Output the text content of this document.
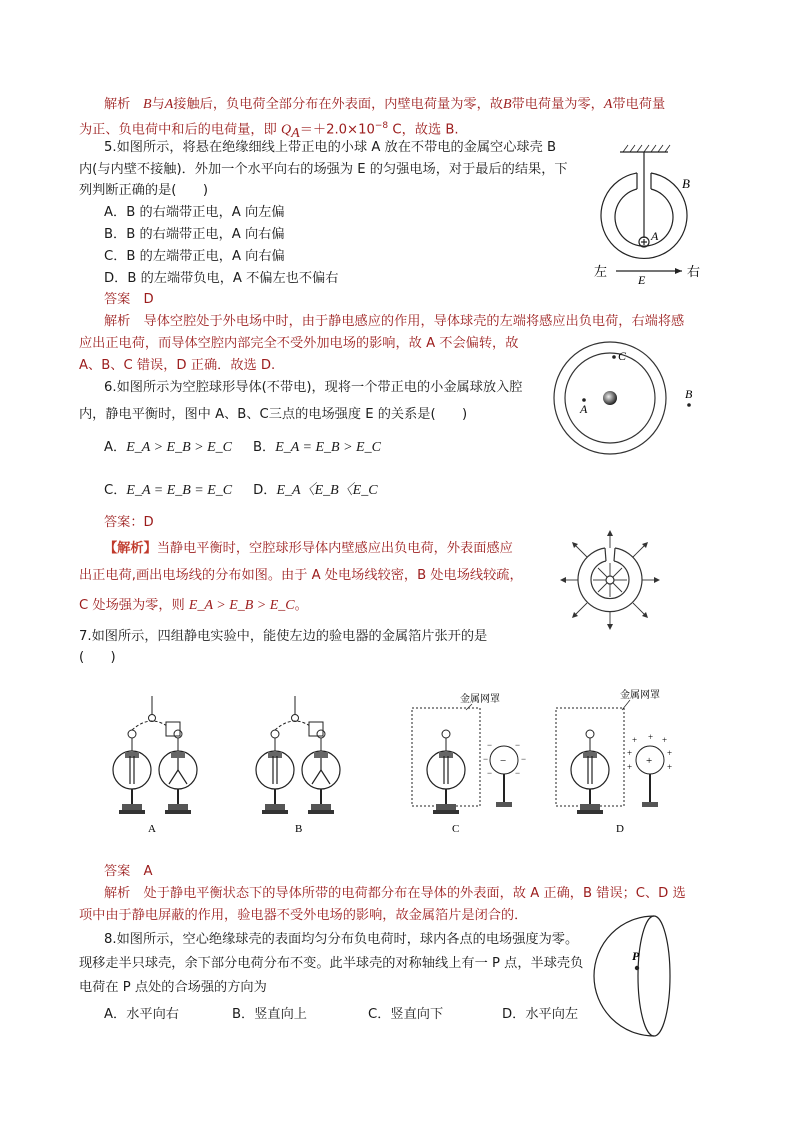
解析 B与A接触后，负电荷全部分布在外表面，内壁电荷量为零，故B带电荷量为零，A带电荷量
为正、负电荷中和后的电荷量，即 $Q_A=+2.0\times 10^{-8}$ C，故选 B.
5.如图所示，将悬在绝缘细线上带正电的小球 A 放在不带电的金属空心球壳 B
内(与内壁不接触)．外加一个水平向右的场强为 E 的匀强电场，对于最后的结果，下
列判断正确的是(　　)
A．B 的右端带正电，A 向左偏
B．B 的右端带正电，A 向右偏
C．B 的左端带正电，A 向右偏
D．B 的左端带负电，A 不偏左也不偏右
答案　D
解析　导体空腔处于外电场中时，由于静电感应的作用，导体球壳的左端将感应出负电荷，右端将感
应出正电荷，而导体空腔内部完全不受外加电场的影响，故 A 不会偏转，故
A、B、C 错误，D 正确．故选 D.
B
A
左
E
右
6.如图所示为空腔球形导体(不带电)，现将一个带正电的小金属球放入腔
内，静电平衡时，图中 A、B、C三点的电场强度 E 的关系是(　　)
A．E_A > E_B > E_C B．E_A = E_B > E_C
C．E_A = E_B = E_C D．E_A〈E_B〈E_C
答案：D
【解析】当静电平衡时，空腔球形导体内壁感应出负电荷，外表面感应
出正电荷,画出电场线的分布如图。由于 A 处电场线较密，B 处电场线较疏，
C 处场强为零，则 E_A > E_B > E_C。
C
A
B
7.如图所示，四组静电实验中，能使左边的验电器的金属箔片张开的是
(　　)
A	B
金属网罩
−
−	−
−	−
−	−
C
金属网罩
+
+ + +
+	+
+	+
D
答案　A
解析　处于静电平衡状态下的导体所带的电荷都分布在导体的外表面，故 A 正确，B 错误；C、D 选
项中由于静电屏蔽的作用，验电器不受外电场的影响，故金属箔片是闭合的．
8.如图所示，空心绝缘球壳的表面均匀分布负电荷时，球内各点的电场强度为零。
现移走半只球壳，余下部分电荷分布不变。此半球壳的对称轴线上有一 P 点，半球壳负
电荷在 P 点处的合场强的方向为
A．水平向右	B．竖直向上	C．竖直向下	D．水平向左
P
